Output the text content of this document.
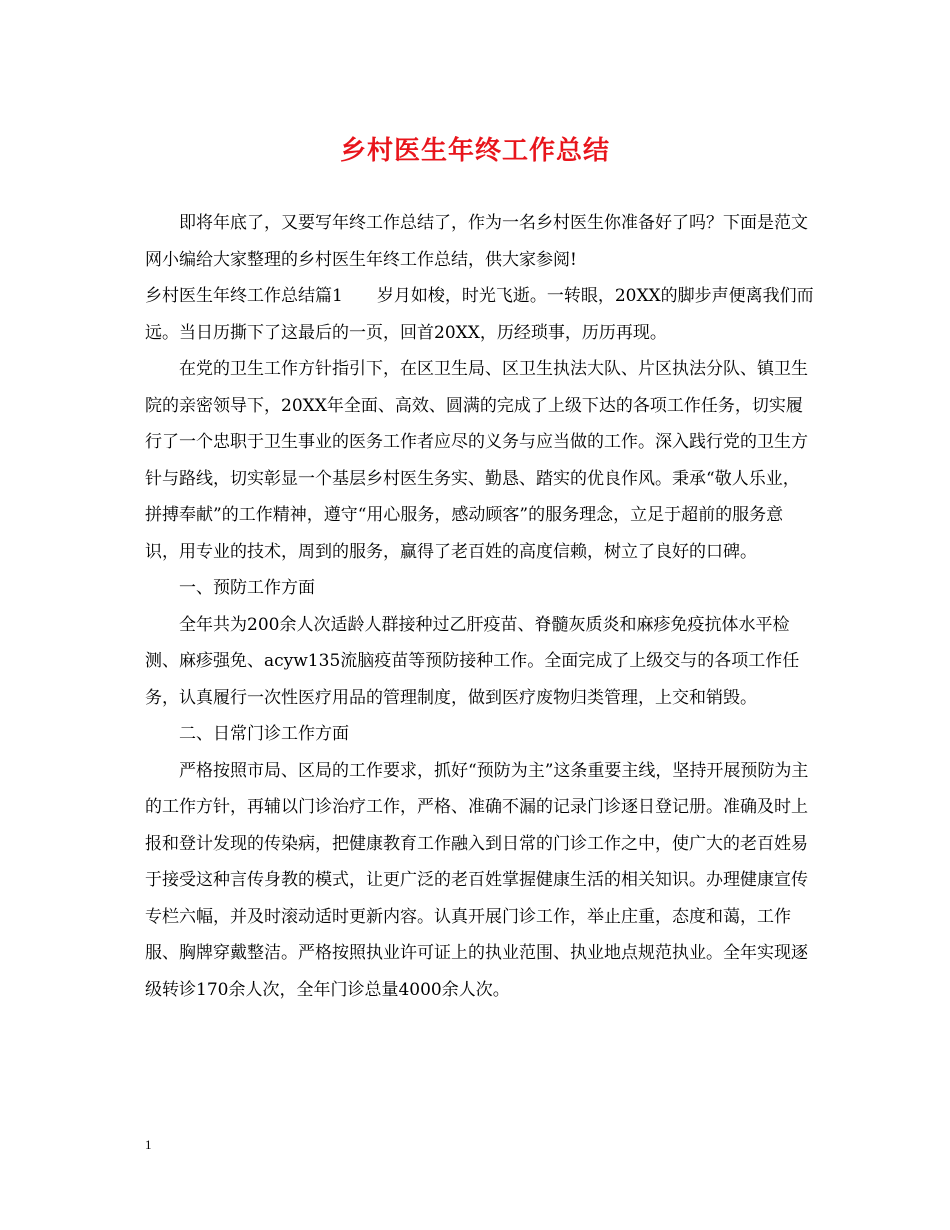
乡村医生年终工作总结

即将年底了，又要写年终工作总结了，作为一名乡村医生你准备好了吗？下面是范文网小编给大家整理的乡村医生年终工作总结，供大家参阅!

乡村医生年终工作总结篇1　　岁月如梭，时光飞逝。一转眼，20XX的脚步声便离我们而远。当日历撕下了这最后的一页，回首20XX，历经琐事，历历再现。

在党的卫生工作方针指引下，在区卫生局、区卫生执法大队、片区执法分队、镇卫生院的亲密领导下，20XX年全面、高效、圆满的完成了上级下达的各项工作任务，切实履行了一个忠职于卫生事业的医务工作者应尽的义务与应当做的工作。深入践行党的卫生方针与路线，切实彰显一个基层乡村医生务实、勤恳、踏实的优良作风。秉承“敬人乐业，拼搏奉献”的工作精神，遵守“用心服务，感动顾客”的服务理念，立足于超前的服务意识，用专业的技术，周到的服务，赢得了老百姓的高度信赖，树立了良好的口碑。

一、预防工作方面

全年共为200余人次适龄人群接种过乙肝疫苗、脊髓灰质炎和麻疹免疫抗体水平检测、麻疹强免、acyw135流脑疫苗等预防接种工作。全面完成了上级交与的各项工作任务，认真履行一次性医疗用品的管理制度，做到医疗废物归类管理，上交和销毁。

二、日常门诊工作方面

严格按照市局、区局的工作要求，抓好“预防为主”这条重要主线，坚持开展预防为主的工作方针，再辅以门诊治疗工作，严格、准确不漏的记录门诊逐日登记册。准确及时上报和登计发现的传染病，把健康教育工作融入到日常的门诊工作之中，使广大的老百姓易于接受这种言传身教的模式，让更广泛的老百姓掌握健康生活的相关知识。办理健康宣传专栏六幅，并及时滚动适时更新内容。认真开展门诊工作，举止庄重，态度和蔼，工作服、胸牌穿戴整洁。严格按照执业许可证上的执业范围、执业地点规范执业。全年实现逐级转诊170余人次，全年门诊总量4000余人次。

1
